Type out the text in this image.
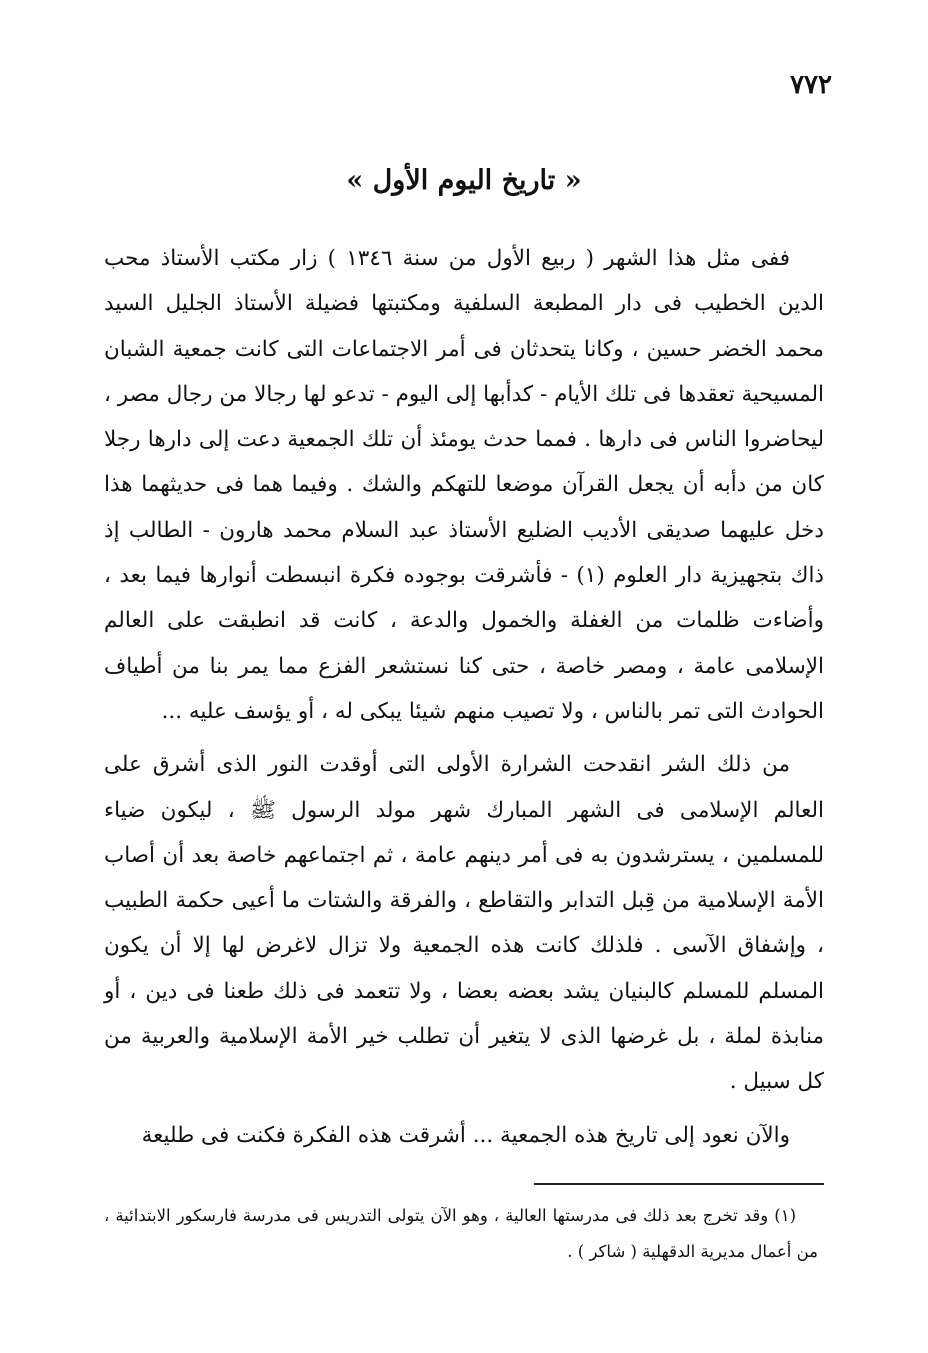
٧٧٢
« تاريخ اليوم الأول »

ففى مثل هذا الشهر ( ربيع الأول من سنة ١٣٤٦ ) زار مكتب الأستاذ محب الدين الخطيب فى دار المطبعة السلفية ومكتبتها فضيلة الأستاذ الجليل السيد محمد الخضر حسين ، وكانا يتحدثان فى أمر الاجتماعات التى كانت جمعية الشبان المسيحية تعقدها فى تلك الأيام - كدأبها إلى اليوم - تدعو لها رجالا من رجال مصر ، ليحاضروا الناس فى دارها . فمما حدث يومئذ أن تلك الجمعية دعت إلى دارها رجلا كان من دأبه أن يجعل القرآن موضعا للتهكم والشك . وفيما هما فى حديثهما هذا دخل عليهما صديقى الأديب الضليع الأستاذ عبد السلام محمد هارون - الطالب إذ ذاك بتجهيزية دار العلوم (١) - فأشرقت بوجوده فكرة انبسطت أنوارها فيما بعد ، وأضاءت ظلمات من الغفلة والخمول والدعة ، كانت قد انطبقت على العالم الإسلامى عامة ، ومصر خاصة ، حتى كنا نستشعر الفزع مما يمر بنا من أطياف الحوادث التى تمر بالناس ، ولا تصيب منهم شيئا يبكى له ، أو يؤسف عليه ...

من ذلك الشر انقدحت الشرارة الأولى التى أوقدت النور الذى أشرق على العالم الإسلامى فى الشهر المبارك شهر مولد الرسول ﷺ ، ليكون ضياء للمسلمين ، يسترشدون به فى أمر دينهم عامة ، ثم اجتماعهم خاصة بعد أن أصاب الأمة الإسلامية من قِبل التدابر والتقاطع ، والفرقة والشتات ما أعيى حكمة الطبيب ، وإشفاق الآسى . فلذلك كانت هذه الجمعية ولا تزال لاغرض لها إلا أن يكون المسلم للمسلم كالبنيان يشد بعضه بعضا ، ولا تتعمد فى ذلك طعنا فى دين ، أو منابذة لملة ، بل غرضها الذى لا يتغير أن تطلب خير الأمة الإسلامية والعربية من كل سبيل .

والآن نعود إلى تاريخ هذه الجمعية ... أشرقت هذه الفكرة فكنت فى طليعة

(١) وقد تخرج بعد ذلك فى مدرستها العالية ، وهو الآن يتولى التدريس فى مدرسة فارسكور الابتدائية ، من أعمال مديرية الدقهلية ( شاكر ) .
